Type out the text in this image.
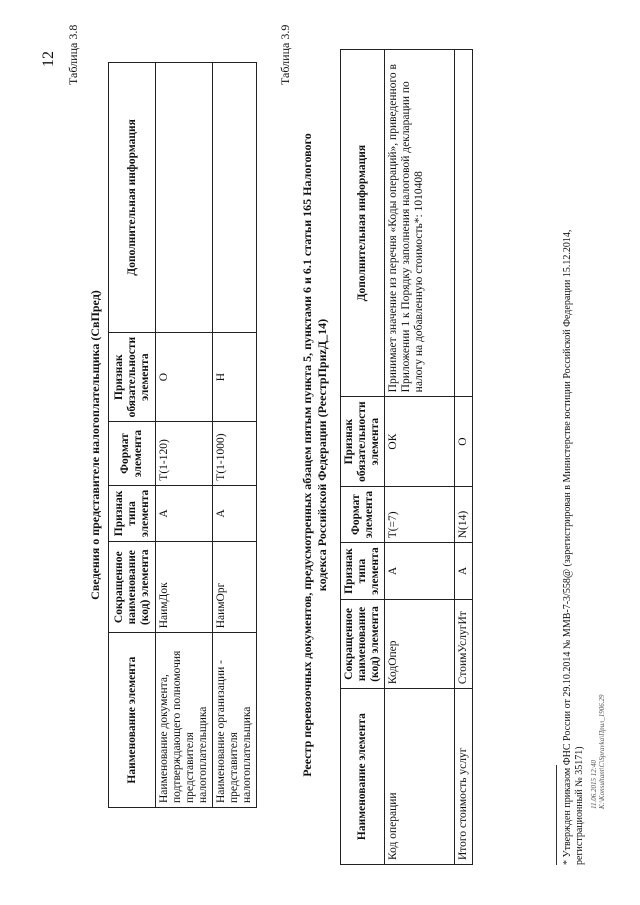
12 Таблица 3.8
Сведения о представителе налогоплательщика (СвПред)
Наименование элемента	Сокращенное наименование (код) элемента	Признак типа элемента	Формат элемента	Признак обязательности элемента	Дополнительная информация
Наименование документа, подтверждающего полномочия представителя налогоплательщика	НаимДок	А	T(1-120)	О	
Наименование организации - представителя налогоплательщика	НаимОрг	А	T(1-1000)	Н	
Таблица 3.9
Реестр перевозочных документов, предусмотренных абзацем пятым пункта 5, пунктами 6 и 6.1 статьи 165 Налогового кодекса Российской Федерации (РеестрПриzД_14)
Наименование элемента	Сокращенное наименование (код) элемента	Признак типа элемента	Формат элемента	Признак обязательности элемента	Дополнительная информация
Код операции	КодОпер	А	T(=7)	ОК	Принимает значение из перечня «Коды операций», приведенного в Приложении 1 к Порядку заполнения налоговой декларации по налогу на добавленную стоимость*: 1010408
Итого стоимость услуг	СтоимУслугИт	А	N(14)	О	
* Утвержден приказом ФНС России от 29.10.2014 № ММВ-7-3/558@ (зарегистрирован в Министерстве юстиции Российской Федерации 15.12.2014,
регистрационный № 35171) 11.06.2015 12:40 К:\Konsultant\C\Spravka\Прил_1906.29
